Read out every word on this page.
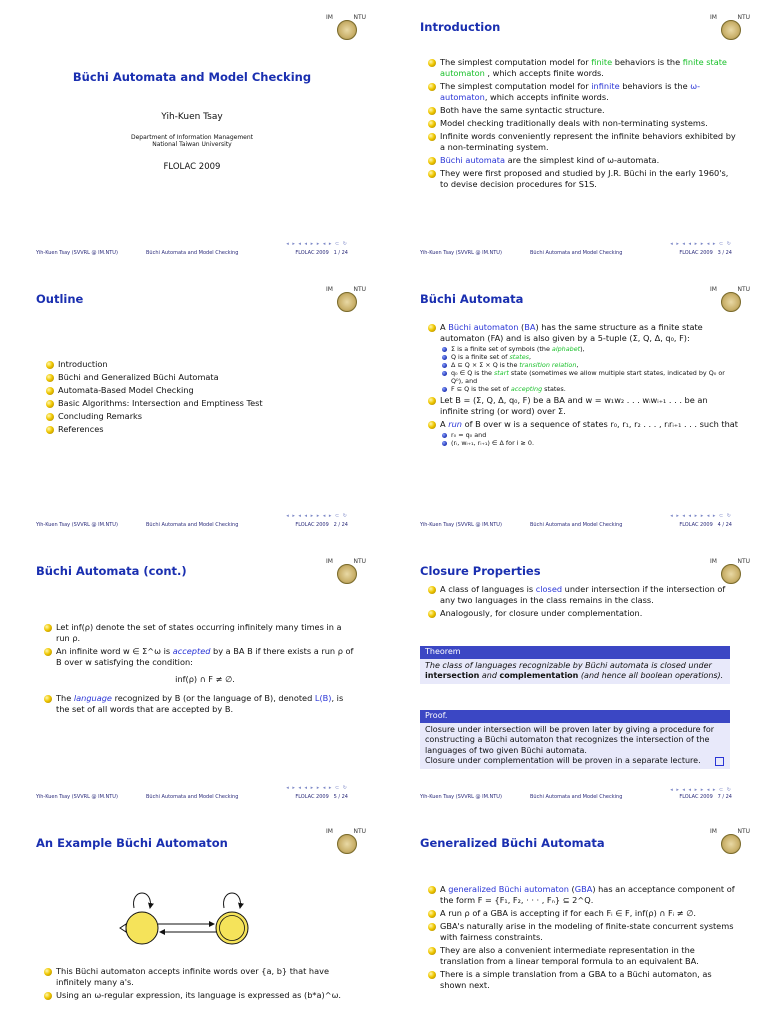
IM	NTU
Büchi Automata and Model Checking
Yih-Kuen Tsay
Department of Information Management
National Taiwan University
FLOLAC 2009
◂ ▸ ◂ ◂ ▸ ▸ ◂ ▸ ⊂ ↻
Yih-Kuen Tsay (SVVRL @ IM.NTU)	Büchi Automata and Model Checking	FLOLAC 2009 1 / 24
Introduction
IM	NTU
The simplest computation model for finite behaviors is the finite state automaton , which accepts finite words.
The simplest computation model for infinite behaviors is the ω-automaton, which accepts infinite words.
Both have the same syntactic structure.
Model checking traditionally deals with non-terminating systems.
Infinite words conveniently represent the infinite behaviors exhibited by a non-terminating system.
Büchi automata are the simplest kind of ω-automata.
They were first proposed and studied by J.R. Büchi in the early 1960's, to devise decision procedures for S1S.
◂ ▸ ◂ ◂ ▸ ▸ ◂ ▸ ⊂ ↻
Yih-Kuen Tsay (SVVRL @ IM.NTU)	Büchi Automata and Model Checking	FLOLAC 2009 3 / 24
Outline
IM	NTU
Introduction
Büchi and Generalized Büchi Automata
Automata-Based Model Checking
Basic Algorithms: Intersection and Emptiness Test
Concluding Remarks
References
◂ ▸ ◂ ◂ ▸ ▸ ◂ ▸ ⊂ ↻
Yih-Kuen Tsay (SVVRL @ IM.NTU)	Büchi Automata and Model Checking	FLOLAC 2009 2 / 24
Büchi Automata
IM	NTU
A Büchi automaton (BA) has the same structure as a finite state automaton (FA) and is also given by a 5-tuple (Σ, Q, Δ, q₀, F):
Σ is a finite set of symbols (the alphabet),
Q is a finite set of states,
Δ ⊆ Q × Σ × Q is the transition relation,
q₀ ∈ Q is the start state (sometimes we allow multiple start states, indicated by Q₀ or Q⁰), and
F ⊆ Q is the set of accepting states.
Let B = (Σ, Q, Δ, q₀, F) be a BA and w = w₁w₂ . . . wᵢwᵢ₊₁ . . . be an infinite string (or word) over Σ.
A run of B over w is a sequence of states r₀, r₁, r₂ . . . , rᵢrᵢ₊₁ . . . such that
r₀ = q₀ and
(rᵢ, wᵢ₊₁, rᵢ₊₁) ∈ Δ for i ≥ 0.
◂ ▸ ◂ ◂ ▸ ▸ ◂ ▸ ⊂ ↻
Yih-Kuen Tsay (SVVRL @ IM.NTU)	Büchi Automata and Model Checking	FLOLAC 2009 4 / 24
Büchi Automata (cont.)
IM	NTU
Let inf(ρ) denote the set of states occurring infinitely many times in a run ρ.
An infinite word w ∈ Σ^ω is accepted by a BA B if there exists a run ρ of B over w satisfying the condition:
inf(ρ) ∩ F ≠ ∅.
The language recognized by B (or the language of B), denoted L(B), is the set of all words that are accepted by B.
◂ ▸ ◂ ◂ ▸ ▸ ◂ ▸ ⊂ ↻
Yih-Kuen Tsay (SVVRL @ IM.NTU)	Büchi Automata and Model Checking	FLOLAC 2009 5 / 24
Closure Properties
IM	NTU
A class of languages is closed under intersection if the intersection of any two languages in the class remains in the class.
Analogously, for closure under complementation.
Theorem
The class of languages recognizable by Büchi automata is closed under intersection and complementation (and hence all boolean operations).
Proof.
Closure under intersection will be proven later by giving a procedure for constructing a Büchi automaton that recognizes the intersection of the languages of two given Büchi automata.
Closure under complementation will be proven in a separate lecture.
◂ ▸ ◂ ◂ ▸ ▸ ◂ ▸ ⊂ ↻
Yih-Kuen Tsay (SVVRL @ IM.NTU)	Büchi Automata and Model Checking	FLOLAC 2009 7 / 24
An Example Büchi Automaton
IM	NTU
This Büchi automaton accepts infinite words over {a, b} that have infinitely many a's.
Using an ω-regular expression, its language is expressed as (b*a)^ω.
Generalized Büchi Automata
IM	NTU
A generalized Büchi automaton (GBA) has an acceptance component of the form F = {F₁, F₂, · · · , Fₙ} ⊆ 2^Q.
A run ρ of a GBA is accepting if for each Fᵢ ∈ F, inf(ρ) ∩ Fᵢ ≠ ∅.
GBA's naturally arise in the modeling of finite-state concurrent systems with fairness constraints.
They are also a convenient intermediate representation in the translation from a linear temporal formula to an equivalent BA.
There is a simple translation from a GBA to a Büchi automaton, as shown next.
